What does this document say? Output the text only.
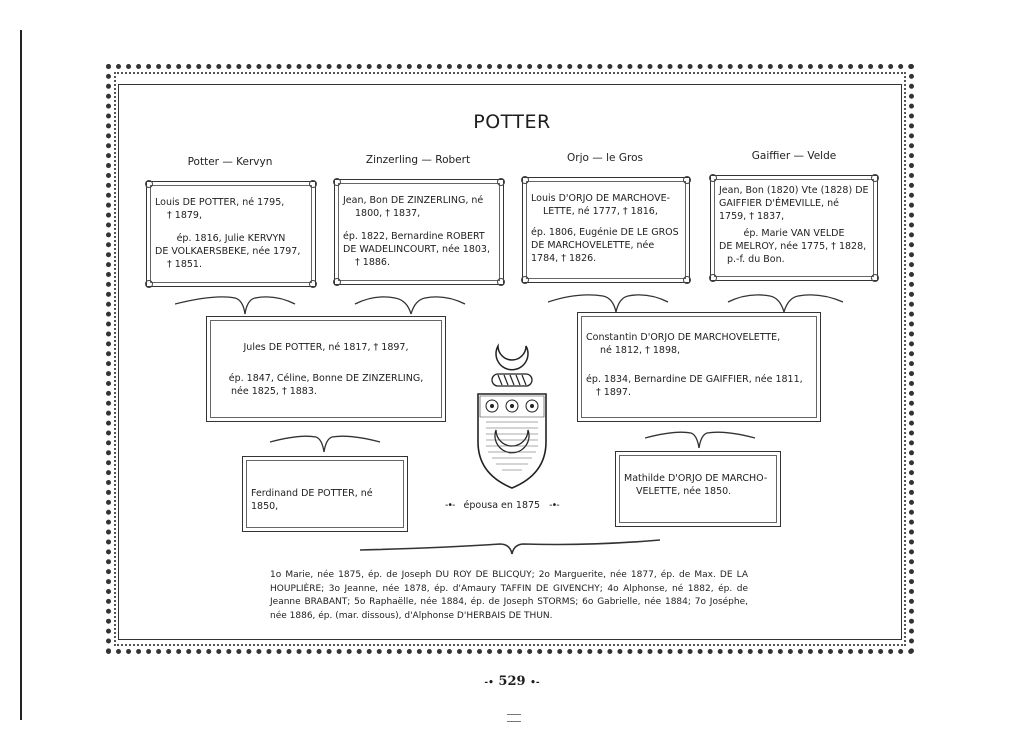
POTTER
Potter — Kervyn	Zinzerling — Robert	Orjo — le Gros	Gaiffier — Velde
Louis DE POTTER, né 1795,
† 1879,
ép. 1816, Julie KERVYN
DE VOLKAERSBEKE, née 1797,
† 1851.
Jean, Bon DE ZINZERLING, né
1800, † 1837,
ép. 1822, Bernardine ROBERT
DE WADELINCOURT, née 1803,
† 1886.
Louis D'ORJO DE MARCHOVE-
LETTE, né 1777, † 1816,
ép. 1806, Eugénie DE LE GROS
DE MARCHOVELETTE, née
1784, † 1826.
Jean, Bon (1820) Vte (1828) DE
GAIFFIER D'ÉMEVILLE, né
1759, † 1837,
ép. Marie VAN VELDE
DE MELROY, née 1775, † 1828,
p.-f. du Bon.
Jules DE POTTER, né 1817, † 1897,
ép. 1847, Céline, Bonne DE ZINZERLING,
née 1825, † 1883.
Constantin D'ORJO DE MARCHOVELETTE,
né 1812, † 1898,
ép. 1834, Bernardine DE GAIFFIER, née 1811,
† 1897.
Ferdinand DE POTTER, né 1850,
Mathilde D'ORJO DE MARCHO-
VELETTE, née 1850.
-•- épousa en 1875 -•-
1o Marie, née 1875, ép. de Joseph DU ROY DE BLICQUY; 2o Marguerite, née 1877, ép. de Max. DE LA HOUPLIÈRE; 3o Jeanne, née 1878, ép. d'Amaury TAFFIN DE GIVENCHY; 4o Alphonse, né 1882, ép. de Jeanne BRABANT; 5o Raphaëlle, née 1884, ép. de Joseph STORMS; 6o Gabrielle, née 1884; 7o Joséphe, née 1886, ép. (mar. dissous), d'Alphonse D'HERBAIS DE THUN.
-• 529 •-
